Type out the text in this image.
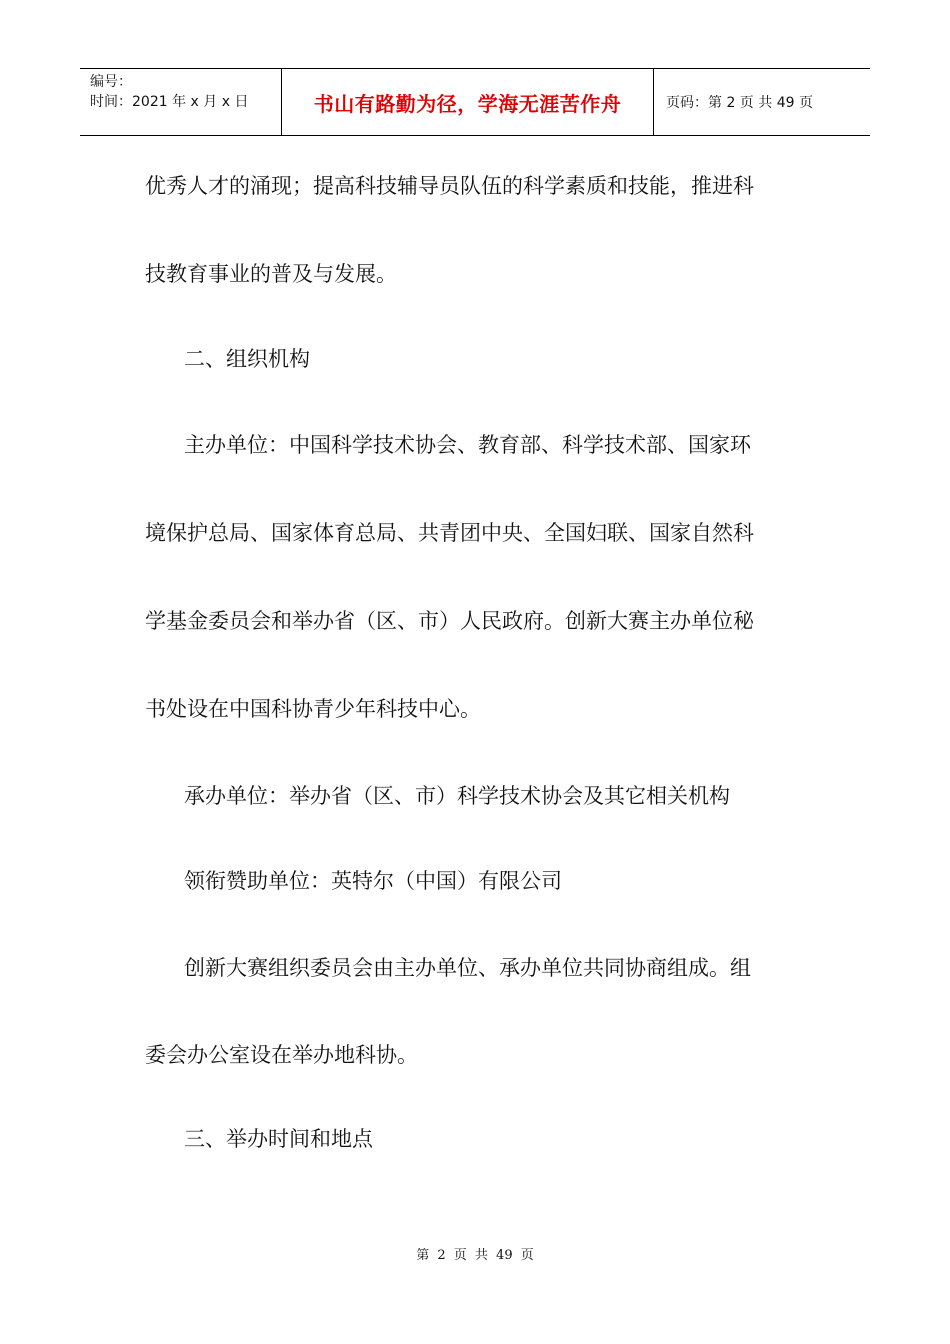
编号：
时间：2021 年 x 月 x 日	书山有路勤为径，学海无涯苦作舟	页码：第 2 页 共 49 页
优秀人才的涌现；提高科技辅导员队伍的科学素质和技能，推进科
技教育事业的普及与发展。
二、组织机构
主办单位：中国科学技术协会、教育部、科学技术部、国家环
境保护总局、国家体育总局、共青团中央、全国妇联、国家自然科
学基金委员会和举办省（区、市）人民政府。创新大赛主办单位秘
书处设在中国科协青少年科技中心。
承办单位：举办省（区、市）科学技术协会及其它相关机构
领衔赞助单位：英特尔（中国）有限公司
创新大赛组织委员会由主办单位、承办单位共同协商组成。组
委会办公室设在举办地科协。
三、举办时间和地点
第 2 页 共 49 页
